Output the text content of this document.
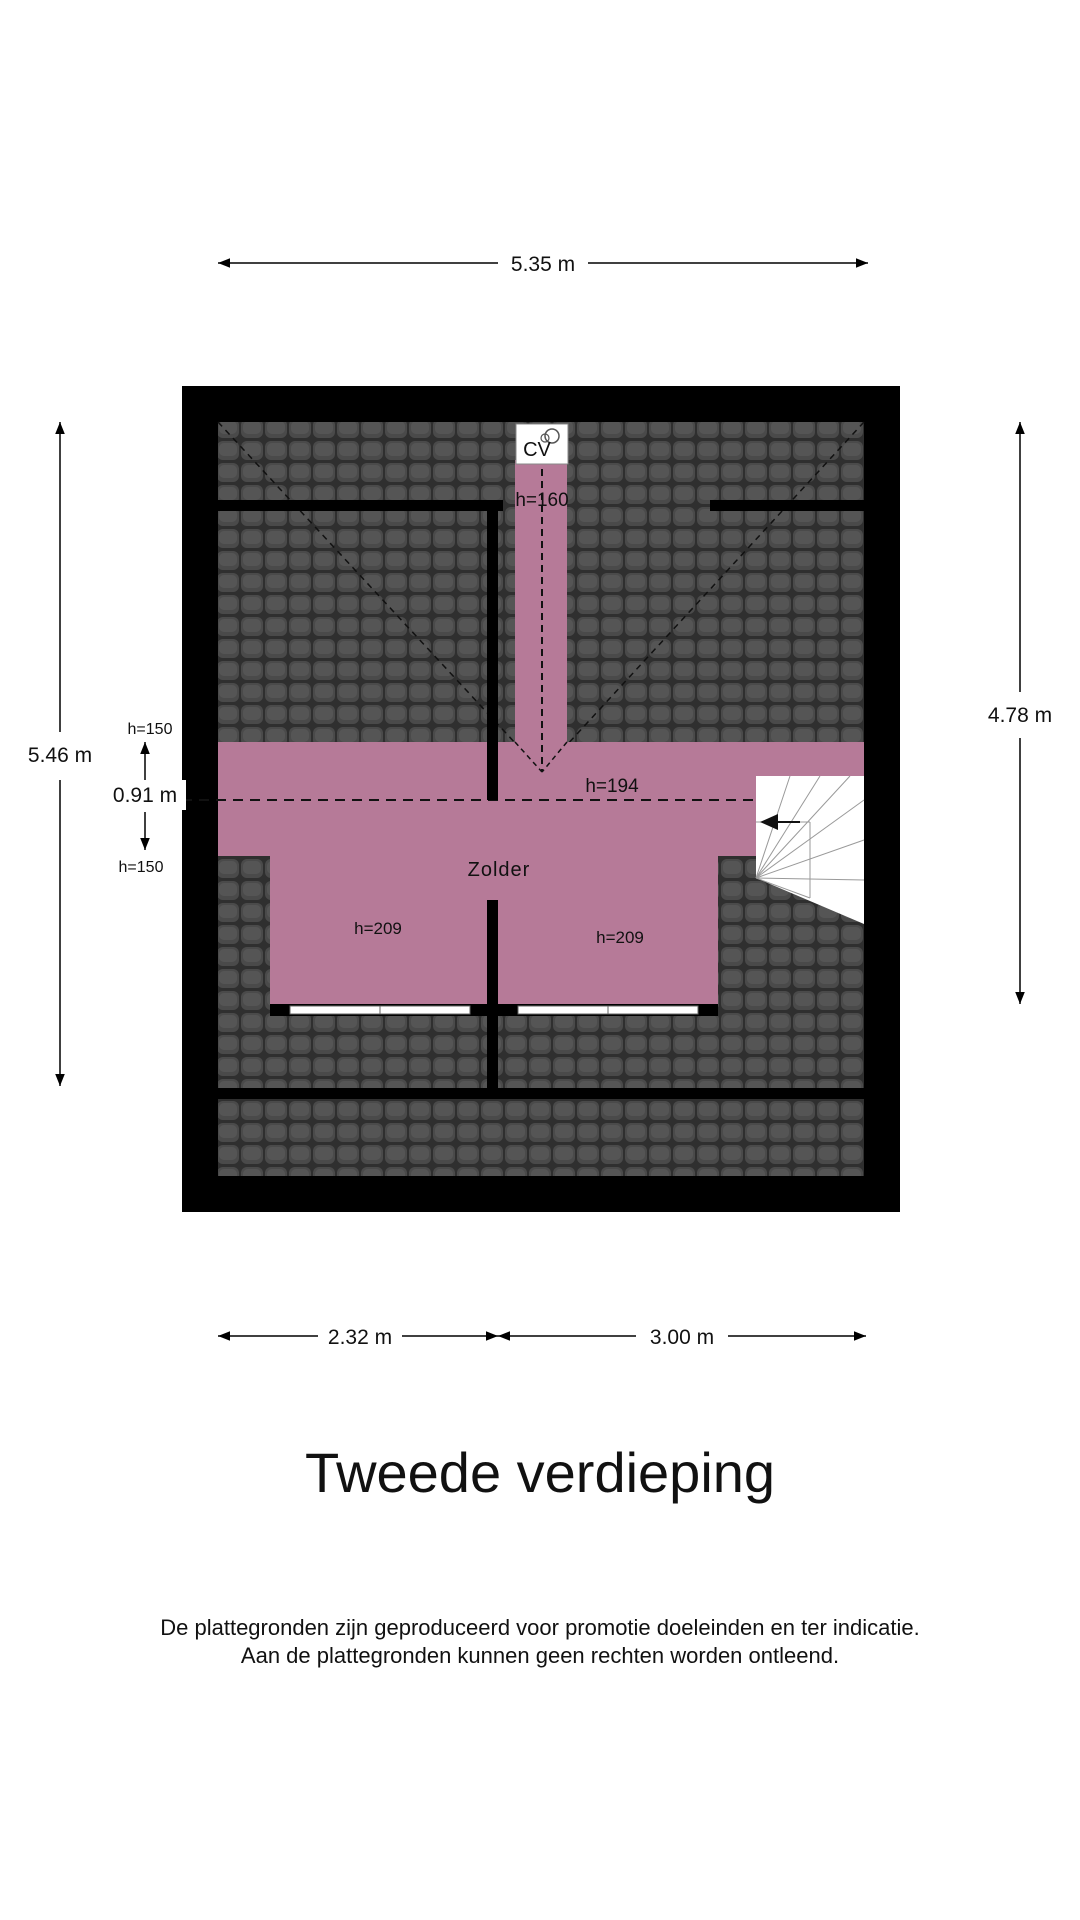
CV
h=160
h=194
Zolder
h=209	h=209
5.35 m
5.46 m
4.78 m
h=150
0.91 m
h=150
2.32 m	3.00 m
Tweede verdieping
De plattegronden zijn geproduceerd voor promotie doeleinden en ter indicatie.
Aan de plattegronden kunnen geen rechten worden ontleend.
